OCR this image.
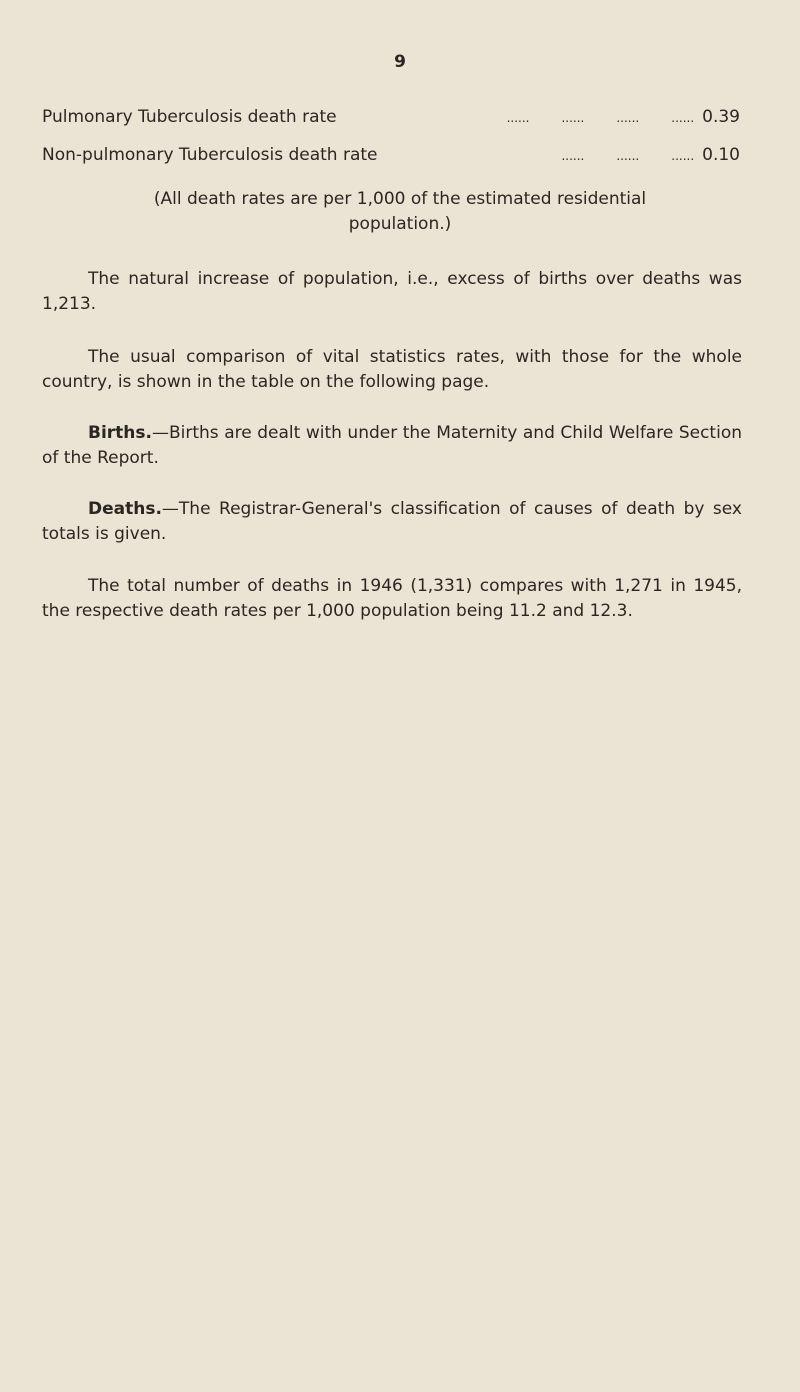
9
Pulmonary Tuberculosis death rate	......	......	......	...... 0.39
Non-pulmonary Tuberculosis death rate	......	......	...... 0.10
(All death rates are per 1,000 of the estimated residential population.)

The natural increase of population, i.e., excess of births over deaths was 1,213.

The usual comparison of vital statistics rates, with those for the whole country, is shown in the table on the following page.

Births.—Births are dealt with under the Maternity and Child Welfare Section of the Report.

Deaths.—The Registrar-General's classification of causes of death by sex totals is given.

The total number of deaths in 1946 (1,331) compares with 1,271 in 1945, the respective death rates per 1,000 population being 11.2 and 12.3.
